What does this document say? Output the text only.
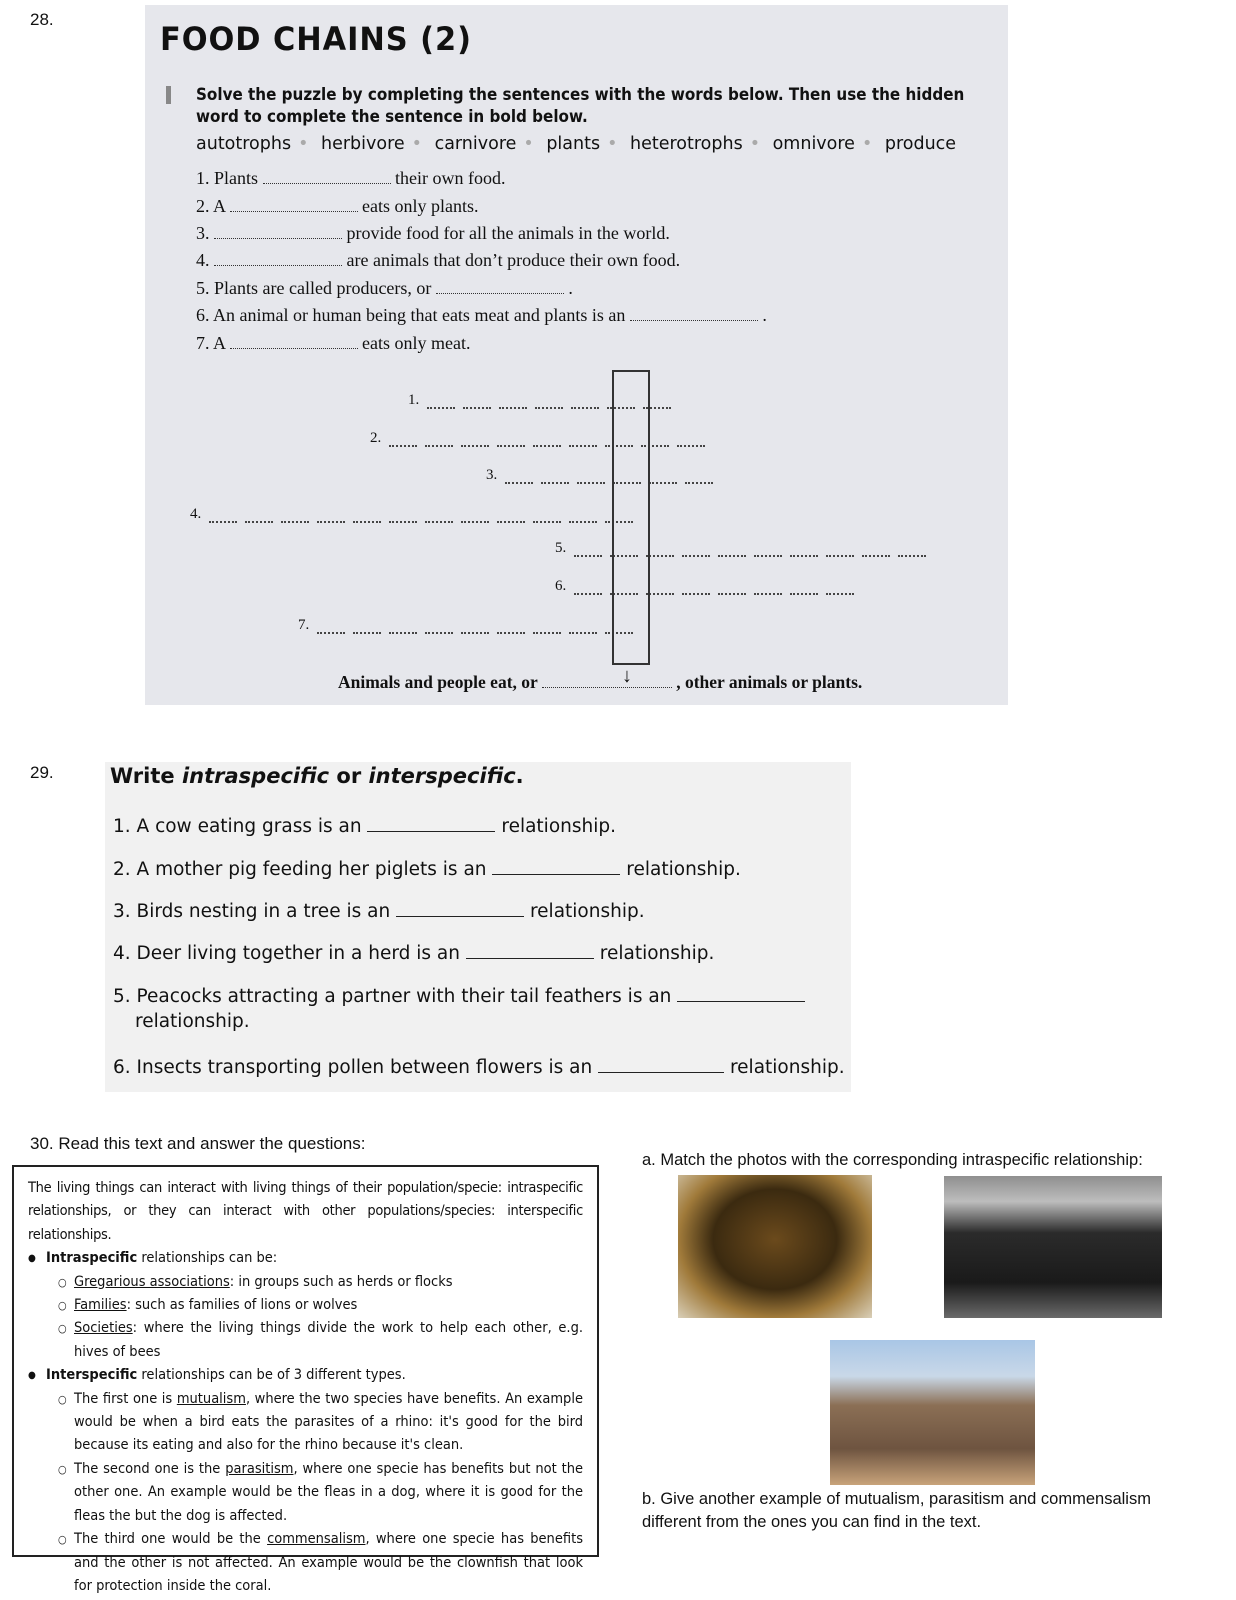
28.
FOOD CHAINS (2)
Solve the puzzle by completing the sentences with the words below. Then use the hidden
word to complete the sentence in bold below.
autotrophs • herbivore • carnivore • plants • heterotrophs • omnivore • produce
1. Plants	their own food.
2. A	eats only plants.
3.	provide food for all the animals in the world.
4.	are animals that don’t produce their own food.
5. Plants are called producers, or	.
6. An animal or human being that eats meat and plants is an	.
7. A	eats only meat.
1.
2.
3.
4.
5.
6.
7.
↓
Animals and people eat, or	, other animals or plants.
29.	Write intraspecific or interspecific.
1. A cow eating grass is an	relationship.
2. A mother pig feeding her piglets is an	relationship.
3. Birds nesting in a tree is an	relationship.
4. Deer living together in a herd is an	relationship.
5. Peacocks attracting a partner with their tail feathers is an
relationship.
6. Insects transporting pollen between flowers is an	relationship.
30. Read this text and answer the questions:

The living things can interact with living things of their population/specie: intraspecific relationships, or they can interact with other populations/species: interspecific relationships.

● Intraspecific relationships can be:
○ Gregarious associations: in groups such as herds or flocks
○ Families: such as families of lions or wolves
○ Societies: where the living things divide the work to help each other, e.g. hives of bees
● Interspecific relationships can be of 3 different types.
○ The first one is mutualism, where the two species have benefits. An example would be when a bird eats the parasites of a rhino: it's good for the bird because its eating and also for the rhino because it's clean.
○ The second one is the parasitism, where one specie has benefits but not the other one. An example would be the fleas in a dog, where it is good for the fleas the but the dog is affected.
○ The third one would be the commensalism, where one specie has benefits and the other is not affected. An example would be the clownfish that look for protection inside the coral.
a. Match the photos with the corresponding intraspecific relationship:
b. Give another example of mutualism, parasitism and commensalism
different from the ones you can find in the text.
